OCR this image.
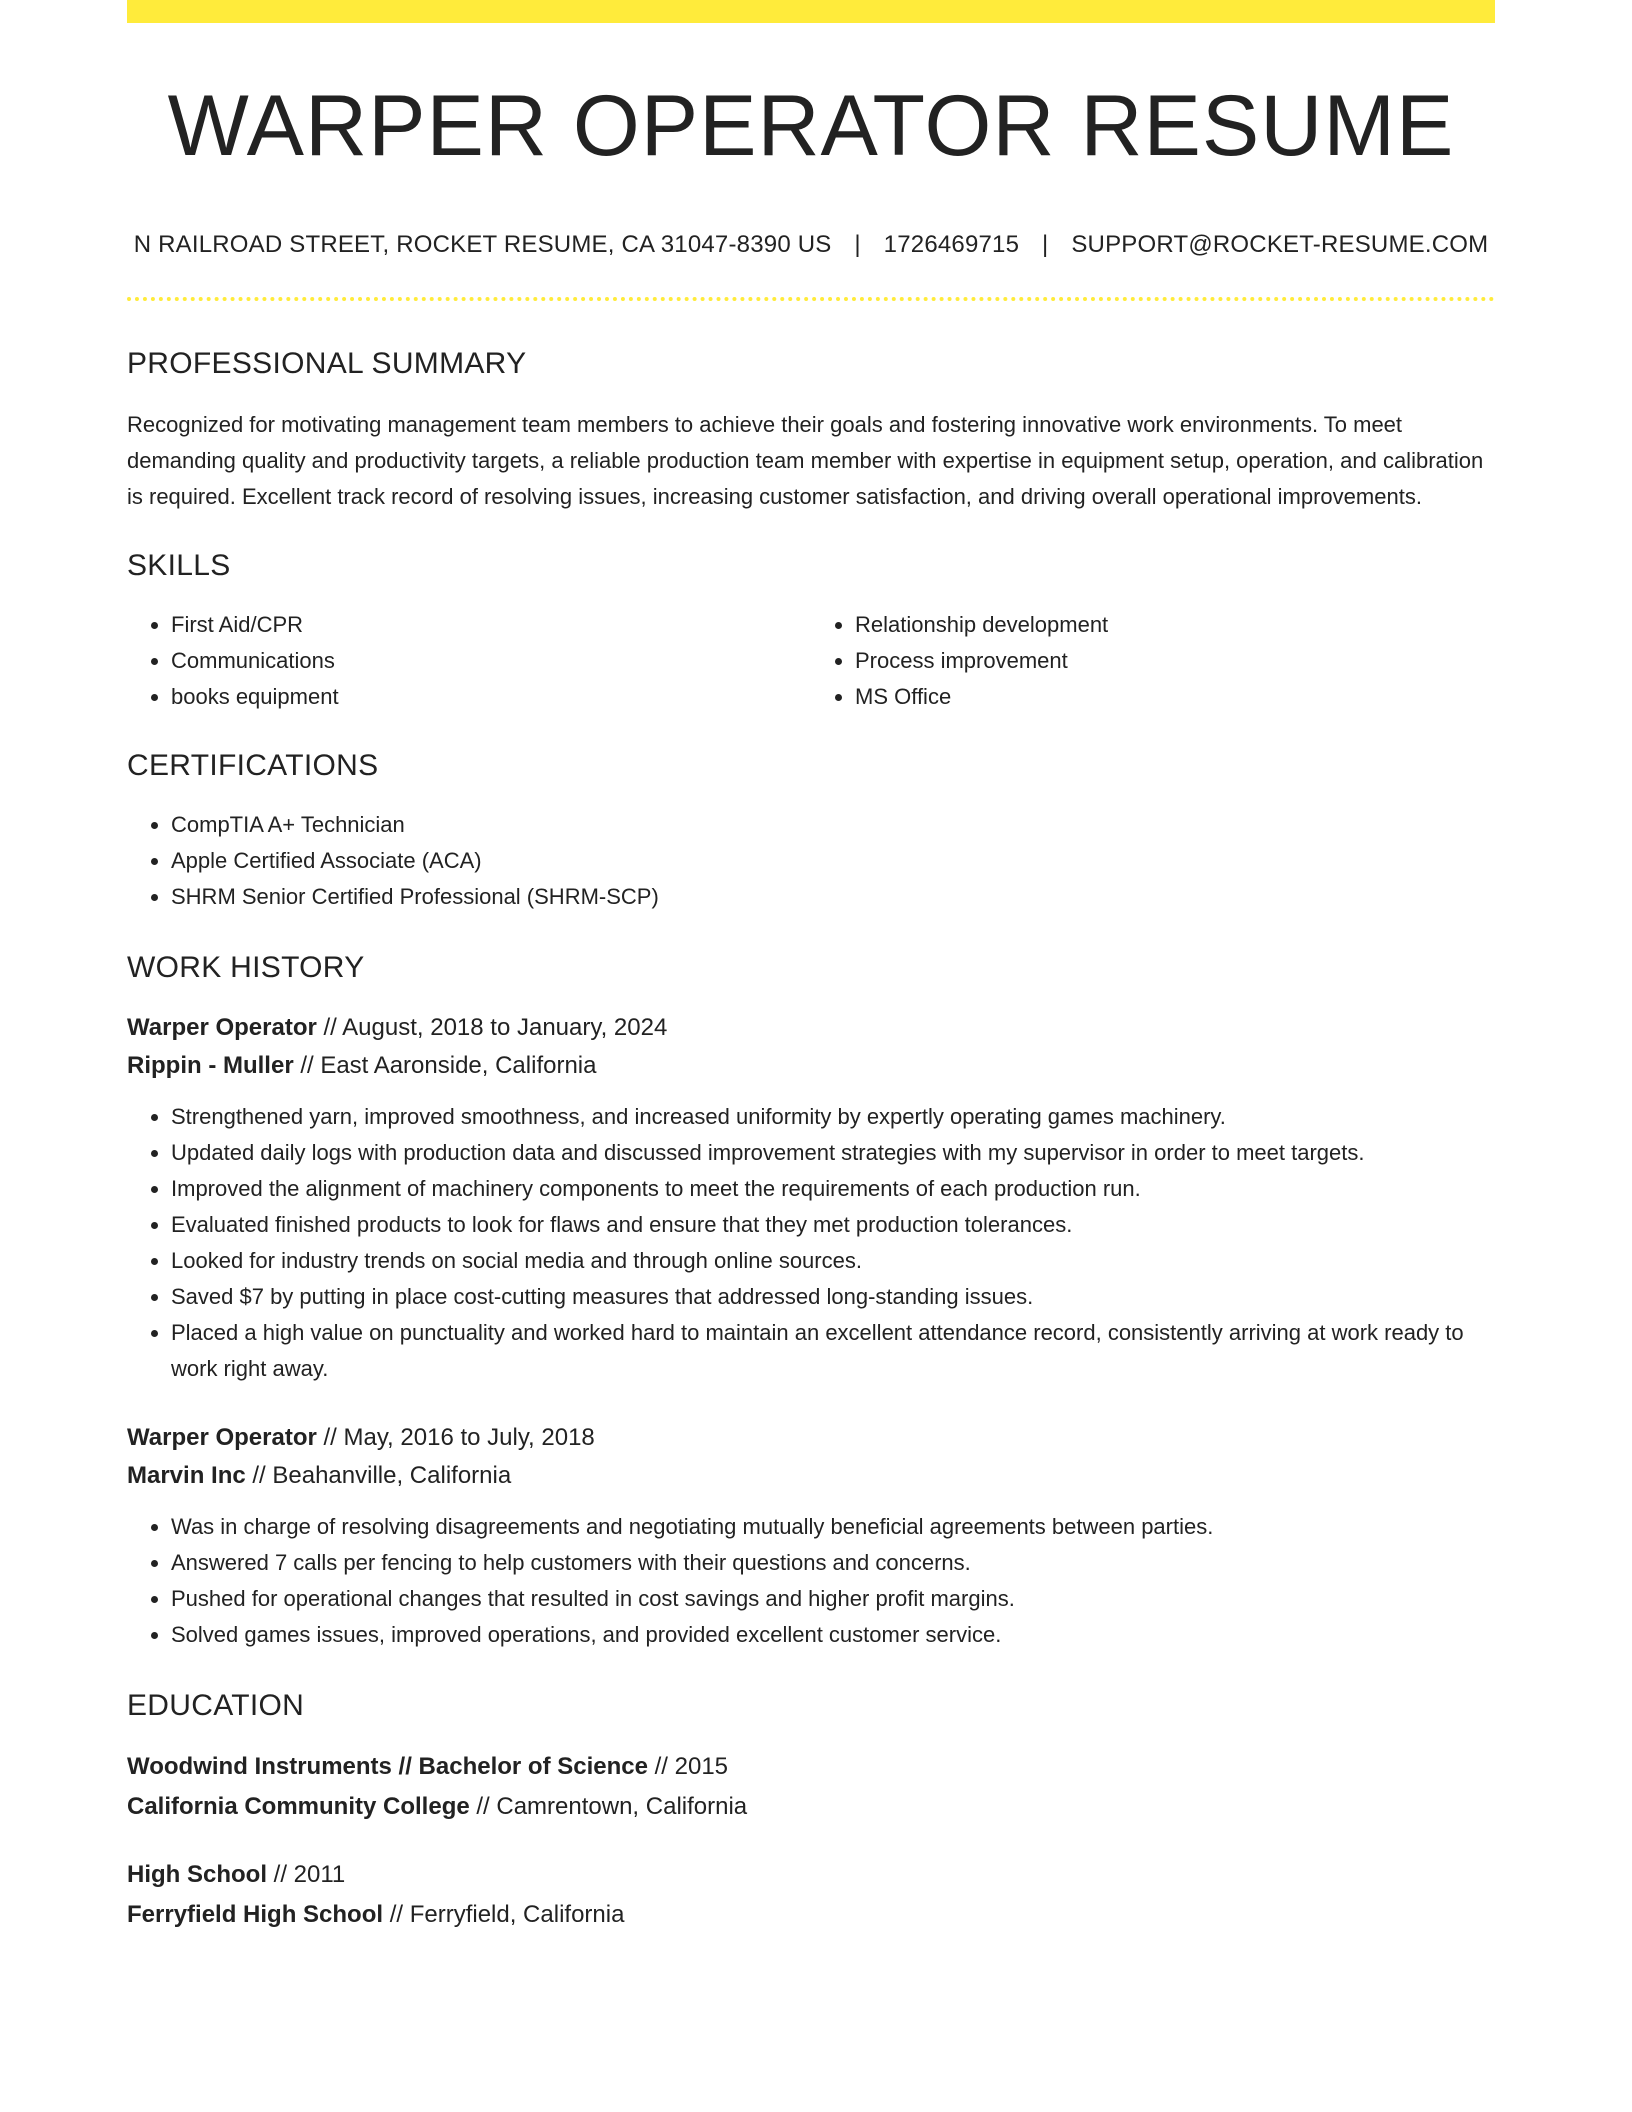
WARPER OPERATOR RESUME
N RAILROAD STREET, ROCKET RESUME, CA 31047-8390 US | 1726469715 | SUPPORT@ROCKET-RESUME.COM
PROFESSIONAL SUMMARY

Recognized for motivating management team members to achieve their goals and fostering innovative work environments. To meet demanding quality and productivity targets, a reliable production team member with expertise in equipment setup, operation, and calibration is required. Excellent track record of resolving issues, increasing customer satisfaction, and driving overall operational improvements.

SKILLS
• First Aid/CPR
• Communications
• books equipment
• Relationship development
• Process improvement
• MS Office
CERTIFICATIONS
• CompTIA A+ Technician
• Apple Certified Associate (ACA)
• SHRM Senior Certified Professional (SHRM-SCP)
WORK HISTORY
Warper Operator // August, 2018 to January, 2024
Rippin - Muller // East Aaronside, California
• Strengthened yarn, improved smoothness, and increased uniformity by expertly operating games machinery.
• Updated daily logs with production data and discussed improvement strategies with my supervisor in order to meet targets.
• Improved the alignment of machinery components to meet the requirements of each production run.
• Evaluated finished products to look for flaws and ensure that they met production tolerances.
• Looked for industry trends on social media and through online sources.
• Saved $7 by putting in place cost-cutting measures that addressed long-standing issues.
• Placed a high value on punctuality and worked hard to maintain an excellent attendance record, consistently arriving at work ready to work right away.
Warper Operator // May, 2016 to July, 2018
Marvin Inc // Beahanville, California
• Was in charge of resolving disagreements and negotiating mutually beneficial agreements between parties.
• Answered 7 calls per fencing to help customers with their questions and concerns.
• Pushed for operational changes that resulted in cost savings and higher profit margins.
• Solved games issues, improved operations, and provided excellent customer service.
EDUCATION
Woodwind Instruments // Bachelor of Science // 2015
California Community College // Camrentown, California
High School // 2011
Ferryfield High School // Ferryfield, California
